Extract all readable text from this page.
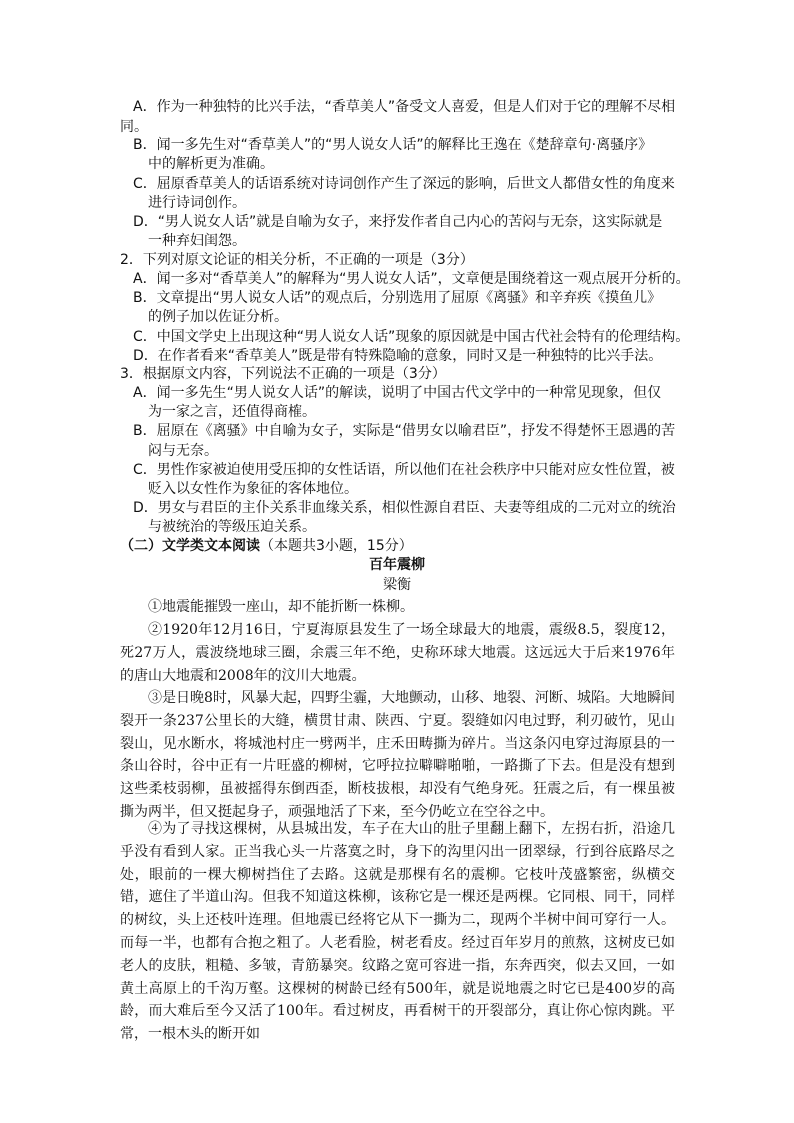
A．作为一种独特的比兴手法，“香草美人”备受文人喜爱，但是人们对于它的理解不尽相
同。
B．闻一多先生对“香草美人”的“男人说女人话”的解释比王逸在《楚辞章句·离骚序》
中的解析更为准确。
C．屈原香草美人的话语系统对诗词创作产生了深远的影响，后世文人都借女性的角度来
进行诗词创作。
D．“男人说女人话”就是自喻为女子，来抒发作者自己内心的苦闷与无奈，这实际就是
一种弃妇闺怨。
2．下列对原文论证的相关分析，不正确的一项是（3分）
A．闻一多对“香草美人”的解释为“男人说女人话”，文章便是围绕着这一观点展开分析的。
B．文章提出“男人说女人话”的观点后，分别选用了屈原《离骚》和辛弃疾《摸鱼儿》
的例子加以佐证分析。
C．中国文学史上出现这种“男人说女人话”现象的原因就是中国古代社会特有的伦理结构。
D．在作者看来“香草美人”既是带有特殊隐喻的意象，同时又是一种独特的比兴手法。
3．根据原文内容，下列说法不正确的一项是（3分）
A．闻一多先生“男人说女人话”的解读，说明了中国古代文学中的一种常见现象，但仅
为一家之言，还值得商榷。
B．屈原在《离骚》中自喻为女子，实际是“借男女以喻君臣”，抒发不得楚怀王恩遇的苦
闷与无奈。
C．男性作家被迫使用受压抑的女性话语，所以他们在社会秩序中只能对应女性位置，被
贬入以女性作为象征的客体地位。
D．男女与君臣的主仆关系非血缘关系，相似性源自君臣、夫妻等组成的二元对立的统治
与被统治的等级压迫关系。
（二）文学类文本阅读（本题共3小题，15分）
百年震柳
梁衡
①地震能摧毁一座山，却不能折断一株柳。
②1920年12月16日，宁夏海原县发生了一场全球最大的地震，震级8.5，裂度12，死27万人，震波绕地球三圈，余震三年不绝，史称环球大地震。这远远大于后来1976年的唐山大地震和2008年的汶川大地震。
③是日晚8时，风暴大起，四野尘霾，大地颤动，山移、地裂、河断、城陷。大地瞬间裂开一条237公里长的大缝，横贯甘肃、陕西、宁夏。裂缝如闪电过野，利刃破竹，见山裂山，见水断水，将城池村庄一劈两半，庄禾田畴撕为碎片。当这条闪电穿过海原县的一条山谷时，谷中正有一片旺盛的柳树，它呼拉拉噼噼啪啪，一路撕了下去。但是没有想到这些柔枝弱柳，虽被摇得东倒西歪，断枝拔根，却没有气绝身死。狂震之后，有一棵虽被撕为两半，但又挺起身子，顽强地活了下来，至今仍屹立在空谷之中。
④为了寻找这棵树，从县城出发，车子在大山的肚子里翻上翻下，左拐右折，沿途几乎没有看到人家。正当我心头一片落寞之时，身下的沟里闪出一团翠绿，行到谷底路尽之处，眼前的一棵大柳树挡住了去路。这就是那棵有名的震柳。它枝叶茂盛繁密，纵横交错，遮住了半道山沟。但我不知道这株柳，该称它是一棵还是两棵。它同根、同干，同样的树纹，头上还枝叶连理。但地震已经将它从下一撕为二，现两个半树中间可穿行一人。而每一半，也都有合抱之粗了。人老看脸，树老看皮。经过百年岁月的煎熬，这树皮已如老人的皮肤，粗糙、多皱，青筋暴突。纹路之宽可容进一指，东奔西突，似去又回，一如黄土高原上的千沟万壑。这棵树的树龄已经有500年，就是说地震之时它已是400岁的高龄，而大难后至今又活了100年。看过树皮，再看树干的开裂部分，真让你心惊肉跳。平常，一根木头的断开如
